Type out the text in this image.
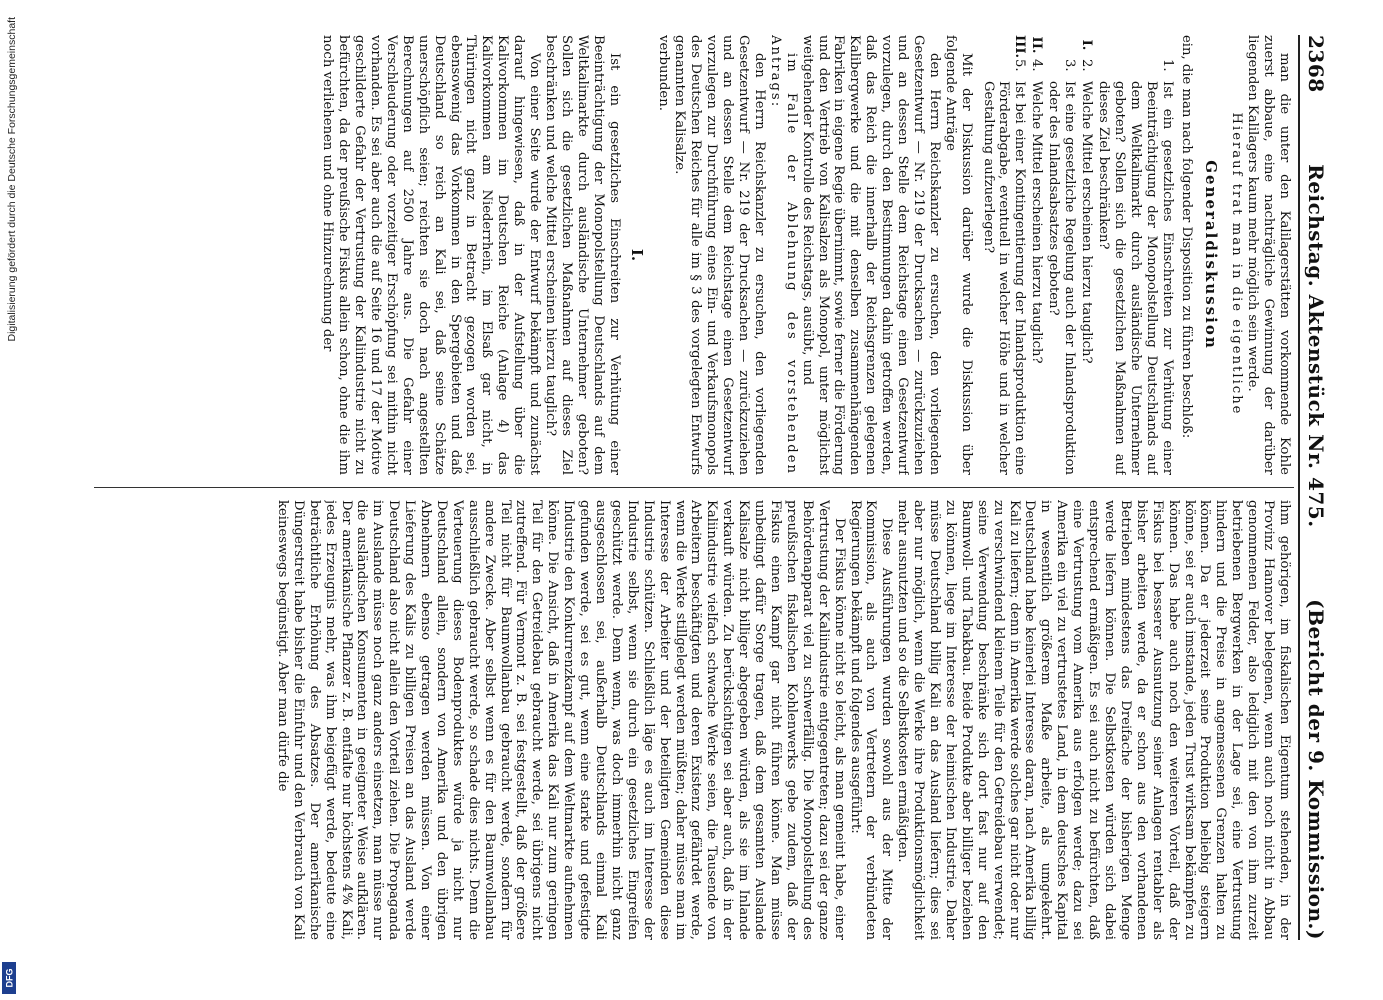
2368
Reichstag. Aktenstück Nr. 475.
(Bericht der 9. Kommission.)

man die unter den Kalilagerstätten vorkommende Kohle zuerst abbaue, eine nachträgliche Gewinnung der darüber liegenden Kalilagers kaum mehr möglich sein werde.

Hierauf trat man in die eigentliche

Generaldiskussion

ein, die man nach folgender Disposition zu führen beschloß:

1.
Ist ein gesetzliches Einschreiten zur Verhütung einer Beeinträchtigung der Monopolstellung Deutschlands auf dem Weltkalimarkt durch ausländische Unternehmer geboten? Sollen sich die gesetzlichen Maßnahmen auf dieses Ziel beschränken?
I.
2.
Welche Mittel erscheinen hierzu tauglich?
3.
Ist eine gesetzliche Regelung auch der Inlandsproduktion oder des Inlandsabsatzes geboten?
II.
4.
Welche Mittel erscheinen hierzu tauglich?
III.
5.
Ist bei einer Kontingentierung der Inlandsproduktion eine Förderabgabe, eventuell in welcher Höhe und in welcher Gestaltung aufzuerlegen?

Mit der Diskussion darüber wurde die Diskussion über folgende Anträge

den Herrn Reichskanzler zu ersuchen, den vorliegenden Gesetzentwurf — Nr. 219 der Drucksachen — zurückzuziehen und an dessen Stelle dem Reichstage einen Gesetzentwurf vorzulegen, durch den Bestimmungen dahin getroffen werden, daß das Reich die innerhalb der Reichsgrenzen gelegenen Kalibergwerke und die mit denselben zusammenhängenden Fabriken in eigene Regie übernimmt, sowie ferner die Förderung und den Vertrieb von Kalisalzen als Monopol, unter möglichst weitgehender Kontrolle des Reichstags, ausübt, und

im Falle der Ablehnung des vorstehenden Antrags:

den Herrn Reichskanzler zu ersuchen, den vorliegenden Gesetzentwurf — Nr. 219 der Drucksachen — zurückzuziehen und an dessen Stelle dem Reichstage einen Gesetzentwurf vorzulegen zur Durchführung eines Ein- und Verkaufsmonopols des Deutschen Reiches für alle im § 3 des vorgelegten Entwurfs genannten Kalisalze.

verbunden.

I.

Ist ein gesetzliches Einschreiten zur Verhütung einer Beeinträchtigung der Monopolstellung Deutschlands auf dem Weltkalimarkte durch ausländische Unternehmer geboten? Sollen sich die gesetzlichen Maßnahmen auf dieses Ziel beschränken und welche Mittel erscheinen hierzu tauglich?

Von einer Seite wurde der Entwurf bekämpft und zunächst darauf hingewiesen, daß in der Aufstellung über die Kalivorkommen im Deutschen Reiche (Anlage 4) das Kalivorkommen am Niederrhein, im Elsaß gar nicht, in Thüringen nicht ganz in Betracht gezogen worden sei, ebensowenig das Vorkommen in den Spergebieten und daß Deutschland so reich an Kali sei, daß seine Schätze unerschöpflich seien; reichten sie doch nach angestellten Berechnungen auf 2500 Jahre aus. Die Gefahr einer Verschleuderung oder vorzeitiger Erschöpfung sei mithin nicht vorhanden. Es sei aber auch die auf Seite 16 und 17 der Motive geschilderte Gefahr der Vertrustung der Kaliindustrie nicht zu befürchten, da der preußische Fiskus allein schon, ohne die ihm noch verliehenen und ohne Hinzurechnung der

ihm gehörigen, im fiskalischen Eigentum stehenden, in der Provinz Hannover belegenen, wenn auch noch nicht in Abbau genommenen Felder, also lediglich mit den von ihm zurzeit betriebenen Bergwerken in der Lage sei, eine Vertrustung hindern und die Preise in angemessenen Grenzen halten zu können. Da er jederzeit seine Produktion beliebig steigern könne, sei er auch imstande, jeden Trust wirksam bekämpfen zu können. Das habe auch noch den weiteren Vorteil, daß der Fiskus bei besserer Ausnutzung seiner Anlagen rentabler als bisher arbeiten werde, da er schon aus den vorhandenen Betrieben mindestens das Dreifache der bisherigen Menge werde liefern können. Die Selbstkosten würden sich dabei entsprechend ermäßigen. Es sei auch nicht zu befürchten, daß eine Vertrustung vom Amerika aus erfolgen werde; dazu sei Amerika ein viel zu vertrustetes Land, in dem deutsches Kapital in wesentlich größerem Maße arbeite, als umgekehrt. Deutschland habe keinerlei Interesse daran, nach Amerika billig Kali zu liefern; denn in Amerika werde solches gar nicht oder nur zu verschwindend kleinem Teile für den Getreidebau verwendet; seine Verwendung beschränke sich dort fast nur auf den Baumwoll- und Tabakbau. Beide Produkte aber billiger beziehen zu können, liege im Interesse der heimischen Industrie. Daher müsse Deutschland billig Kali an das Ausland liefern; dies sei aber nur möglich, wenn die Werke ihre Produktionsmöglichkeit mehr ausnutzten und so die Selbstkosten ermäßigten.

Diese Ausführungen wurden sowohl aus der Mitte der Kommission, als auch von Vertretern der verbündeten Regierungen bekämpft und folgendes ausgeführt:

Der Fiskus könne nicht so leicht, als man gemeint habe, einer Vertrustung der Kaliindustrie entgegentreten; dazu sei der ganze Behördenapparat viel zu schwerfällig. Die Monopolstellung des preußischen fiskalischen Kohlenwerks gebe zudem, daß der Fiskus einen Kampf gar nicht führen könne. Man müsse unbedingt dafür Sorge tragen, daß dem gesamten Auslande Kalisalze nicht billiger abgegeben würden, als sie im Inlande verkauft würden. Zu berücksichtigen sei aber auch, daß in der Kaliindustrie vielfach schwache Werke seien, die Tausende von Arbeitern beschäftigten und deren Existenz gefährdet werde, wenn die Werke stillgelegt werden müßten; daher müsse man im Interesse der Arbeiter und der beteiligten Gemeinden diese Industrie schützen. Schließlich läge es auch im Interesse der Industrie selbst, wenn sie durch ein gesetzliches Eingreifen geschützt werde. Denn wenn, was doch immerhin nicht ganz ausgeschlossen sei, außerhalb Deutschlands einmal Kali gefunden werde, sei es gut, wenn eine starke und gefestigte Industrie den Konkurrenzkampf auf dem Weltmarkte aufnehmen könne. Die Ansicht, daß in Amerika das Kali nur zum geringen Teil für den Getreidebau gebraucht werde, sei übrigens nicht zutreffend. Für Vermont z. B. sei festgestellt, daß der größere Teil nicht für Baumwollanbau gebraucht werde, sondern für andere Zwecke. Aber selbst wenn es für den Baumwollanbau ausschließlich gebraucht werde, so schade dies nichts. Denn die Verteuerung dieses Bodenproduktes würde ja nicht nur Deutschland allein, sondern von Amerika und den übrigen Abnehmern ebenso getragen werden müssen. Von einer Lieferung des Kalis zu billigen Preisen an das Ausland werde Deutschland also nicht allein den Vorteil ziehen. Die Propaganda im Auslande müsse noch ganz anders einsetzen, man müsse nur die ausländischen Konsumenten in geeigneter Weise aufklären. Der amerikanische Pflanzer z. B. entfalte nur höchstens 4% Kali, jedes Erzeugnis mehr, was ihm beigefügt werde, bedeute eine beträchtliche Erhöhung des Absatzes. Der amerikanische Düngerstreit habe bisher die Einfuhr und den Verbrauch von Kali keineswegs begünstigt. Aber man dürfe die

Digitalisierung gefördert durch die Deutsche Forschungsgemeinschaft
DFG
